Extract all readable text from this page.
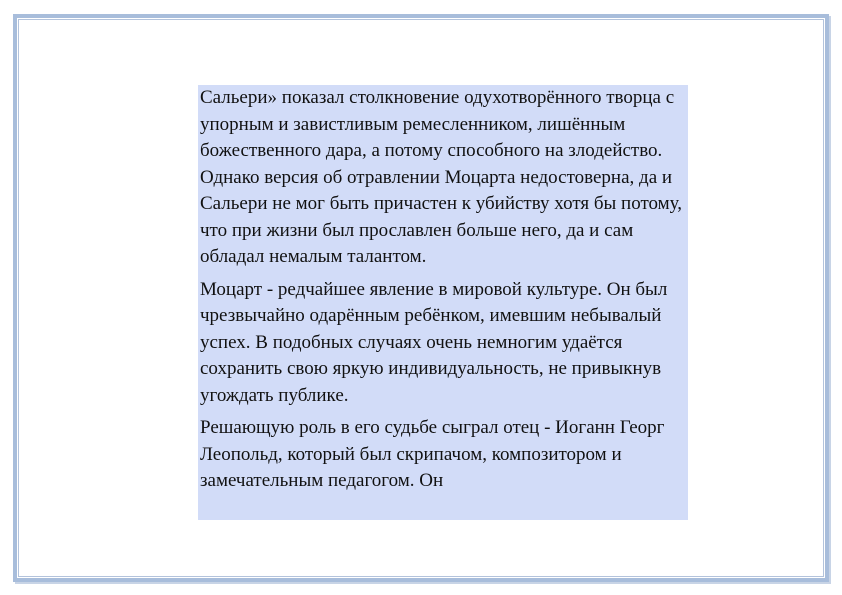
Сальери» показал столкновение одухотворённого творца с упорным и завистливым ремесленником, лишённым божественного дара, а потому способного на злодейство. Однако версия об отравлении Моцарта недостоверна, да и Сальери не мог быть причастен к убийству хотя бы потому, что при жизни был прославлен больше него, да и сам обладал немалым талантом.

Моцарт - редчайшее явление в мировой культуре. Он был чрезвычайно одарённым ребёнком, имевшим небывалый успех. В подобных случаях очень немногим удаётся сохранить свою яркую индивидуальность, не привыкнув угождать публике.

Решающую роль в его судьбе сыграл отец - Иоганн Георг Леопольд, который был скрипачом, композитором и замечательным педагогом. Он
